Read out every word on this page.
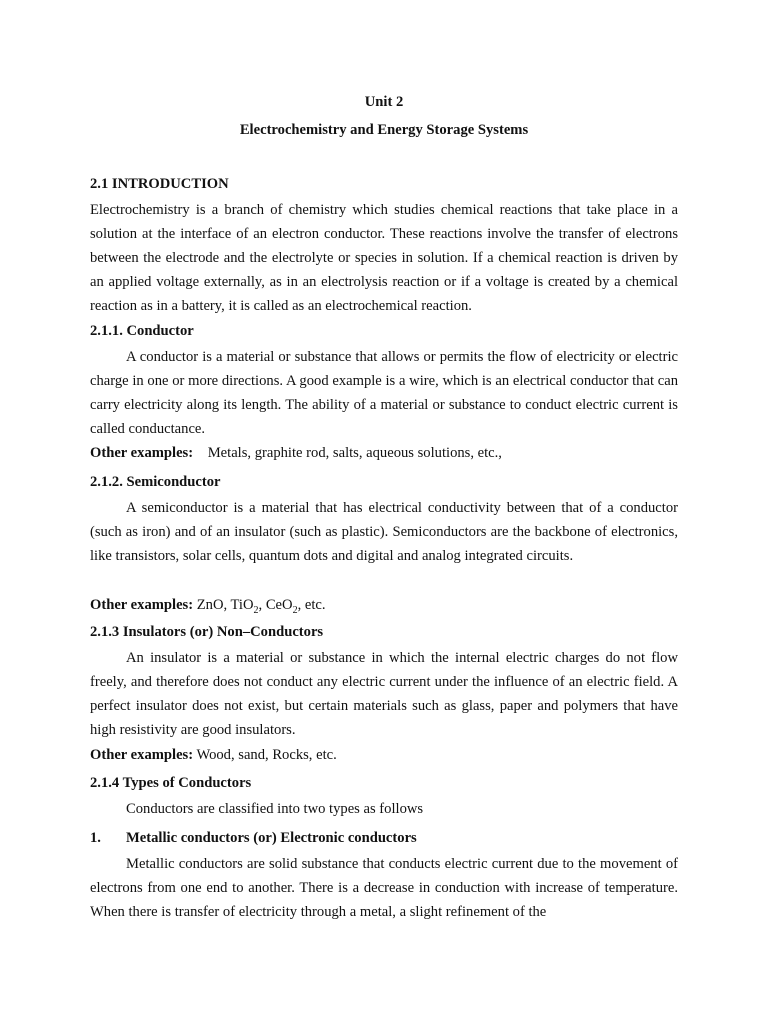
Unit 2
Electrochemistry and Energy Storage Systems
2.1 INTRODUCTION
Electrochemistry is a branch of chemistry which studies chemical reactions that take place in a solution at the interface of an electron conductor. These reactions involve the transfer of electrons between the electrode and the electrolyte or species in solution. If a chemical reaction is driven by an applied voltage externally, as in an electrolysis reaction or if a voltage is created by a chemical reaction as in a battery, it is called as an electrochemical reaction.
2.1.1. Conductor
A conductor is a material or substance that allows or permits the flow of electricity or electric charge in one or more directions. A good example is a wire, which is an electrical conductor that can carry electricity along its length. The ability of a material or substance to conduct electric current is called conductance.
Other examples: Metals, graphite rod, salts, aqueous solutions, etc.,
2.1.2. Semiconductor
A semiconductor is a material that has electrical conductivity between that of a conductor (such as iron) and of an insulator (such as plastic). Semiconductors are the backbone of electronics, like transistors, solar cells, quantum dots and digital and analog integrated circuits.
Other examples: ZnO, TiO$_2$, CeO$_2$, etc.
2.1.3 Insulators (or) Non–Conductors
An insulator is a material or substance in which the internal electric charges do not flow freely, and therefore does not conduct any electric current under the influence of an electric field. A perfect insulator does not exist, but certain materials such as glass, paper and polymers that have high resistivity are good insulators.
Other examples: Wood, sand, Rocks, etc.
2.1.4 Types of Conductors
Conductors are classified into two types as follows
1. Metallic conductors (or) Electronic conductors
Metallic conductors are solid substance that conducts electric current due to the movement of electrons from one end to another. There is a decrease in conduction with increase of temperature. When there is transfer of electricity through a metal, a slight refinement of the
